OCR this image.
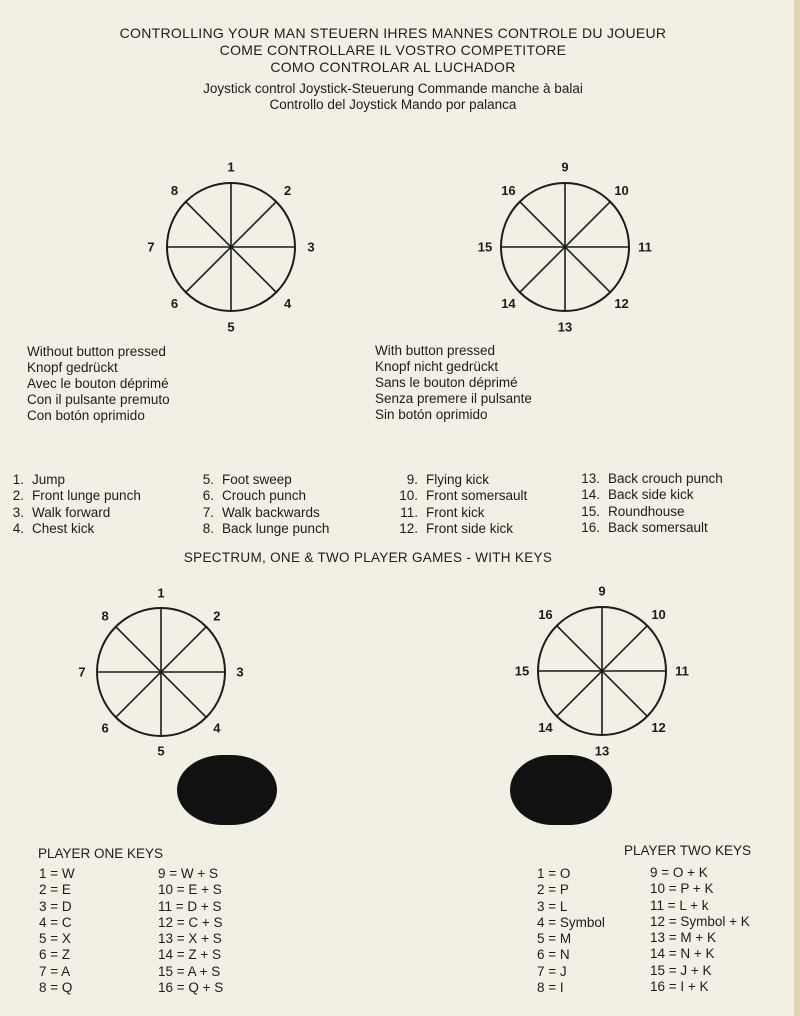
CONTROLLING YOUR MAN STEUERN IHRES MANNES CONTROLE DU JOUEUR
COME CONTROLLARE IL VOSTRO COMPETITORE
COMO CONTROLAR AL LUCHADOR
Joystick control Joystick-Steuerung Commande manche à balai
Controllo del Joystick Mando por palanca
1
2
3
4
5
6
7
8
9
10
11
12
13
14
15
16
Without button pressed
Knopf gedrückt
Avec le bouton déprimé
Con il pulsante premuto
Con botón oprimido
With button pressed
Knopf nicht gedrückt
Sans le bouton déprimé
Senza premere il pulsante
Sin botón oprimido
1. Jump
2. Front lunge punch
3. Walk forward
4. Chest kick
5. Foot sweep
6. Crouch punch
7. Walk backwards
8. Back lunge punch
9. Flying kick
10. Front somersault
11. Front kick
12. Front side kick
13. Back crouch punch
14. Back side kick
15. Roundhouse
16. Back somersault
SPECTRUM, ONE & TWO PLAYER GAMES - WITH KEYS
1
2
3
4
5
6
7
8
9
10
11
12
13
14
15
16
PLAYER ONE KEYS
1 = W
2 = E
3 = D
4 = C
5 = X
6 = Z
7 = A
8 = Q
9 = W + S
10 = E + S
11 = D + S
12 = C + S
13 = X + S
14 = Z + S
15 = A + S
16 = Q + S
PLAYER TWO KEYS
1 = O
2 = P
3 = L
4 = Symbol
5 = M
6 = N
7 = J
8 = I
9 = O + K
10 = P + K
11 = L + k
12 = Symbol + K
13 = M + K
14 = N + K
15 = J + K
16 = I + K
